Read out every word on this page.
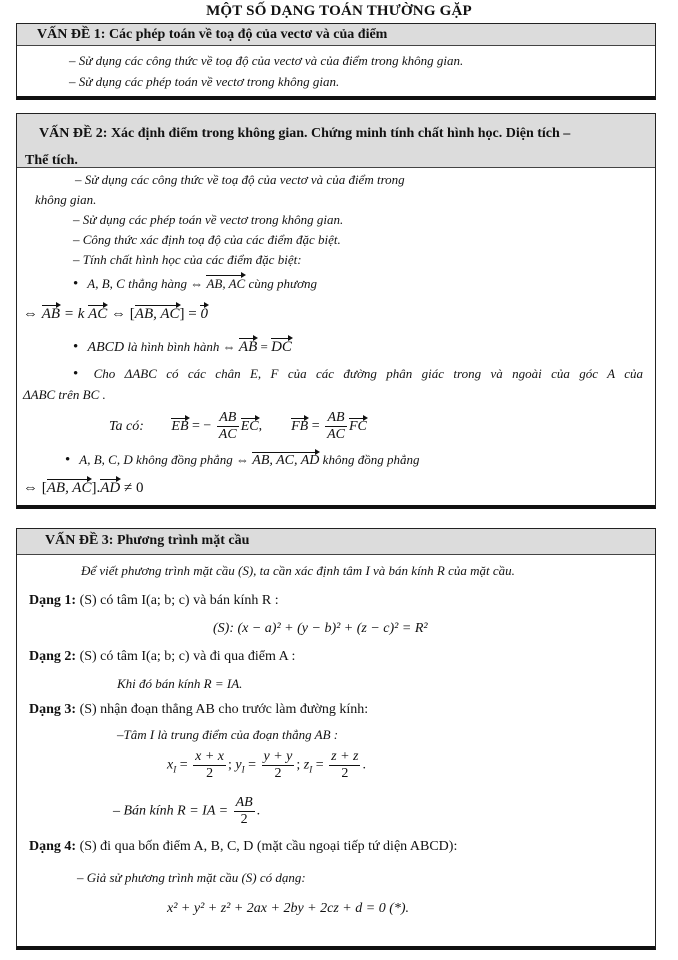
MỘT SỐ DẠNG TOÁN THƯỜNG GẶP
VẤN ĐỀ 1: Các phép toán về toạ độ của vectơ và của điểm
– Sử dụng các công thức về toạ độ của vectơ và của điểm trong không gian.
– Sử dụng các phép toán về vectơ trong không gian.
VẤN ĐỀ 2: Xác định điểm trong không gian. Chứng minh tính chất hình học. Diện tích –
Thể tích.
– Sử dụng các công thức về toạ độ của vectơ và của điểm trong
không gian.
– Sử dụng các phép toán về vectơ trong không gian.
– Công thức xác định toạ độ của các điểm đặc biệt.
– Tính chất hình học của các điểm đặc biệt:
• A, B, C thẳng hàng ⇔ AB, AC cùng phương
⇔ AB = k AC ⇔ [AB, AC] = 0
• ABCD là hình bình hành ⇔ AB = DC
• Cho ΔABC có các chân E, F của các đường phân giác trong và ngoài của góc A của
ΔABC trên BC .
Ta có: EB = − $\frac{AB}{AC}$ EC, FB = $\frac{AB}{AC}$ FC
• A, B, C, D không đồng phẳng ⇔ AB, AC, AD không đồng phẳng
⇔ [AB, AC].AD ≠ 0
VẤN ĐỀ 3: Phương trình mặt cầu
Để viết phương trình mặt cầu (S), ta cần xác định tâm I và bán kính R của mặt cầu.
Dạng 1: (S) có tâm I(a; b; c) và bán kính R :
(S): (x − a)² + (y − b)² + (z − c)² = R²
Dạng 2: (S) có tâm I(a; b; c) và đi qua điểm A :
Khi đó bán kính R = IA.
Dạng 3: (S) nhận đoạn thẳng AB cho trước làm đường kính:
–Tâm I là trung điểm của đoạn thẳng AB :
$x_I = \frac{x + x}{2}$ ; $y_I = \frac{y + y}{2}$ ; $z_I = \frac{z + z}{2}$ .
– Bán kính R = IA = $\frac{AB}{2}$ .
Dạng 4: (S) đi qua bốn điểm A, B, C, D (mặt cầu ngoại tiếp tứ diện ABCD):
– Giả sử phương trình mặt cầu (S) có dạng:
x² + y² + z² + 2ax + 2by + 2cz + d = 0 (*).
